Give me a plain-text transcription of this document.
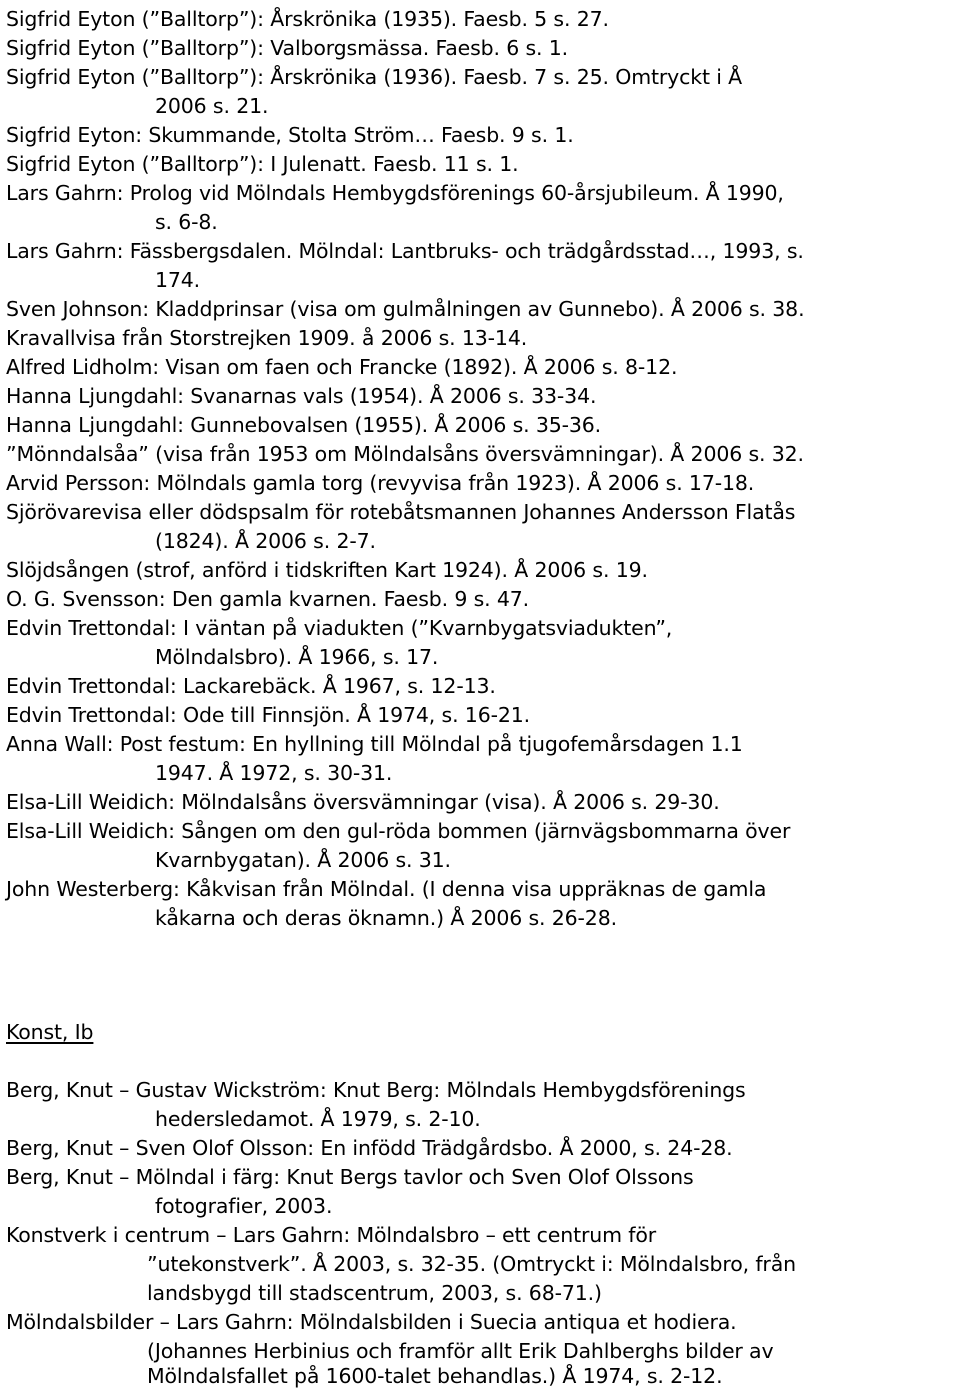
Sigfrid Eyton (”Balltorp”): Årskrönika (1935). Faesb. 5 s. 27.

Sigfrid Eyton (”Balltorp”): Valborgsmässa. Faesb. 6 s. 1.

Sigfrid Eyton (”Balltorp”): Årskrönika (1936). Faesb. 7 s. 25. Omtryckt i Å

2006 s. 21.

Sigfrid Eyton: Skummande, Stolta Ström… Faesb. 9 s. 1.

Sigfrid Eyton (”Balltorp”): I Julenatt. Faesb. 11 s. 1.

Lars Gahrn: Prolog vid Mölndals Hembygdsförenings 60-årsjubileum. Å 1990,

s. 6-8.

Lars Gahrn: Fässbergsdalen. Mölndal: Lantbruks- och trädgårdsstad…, 1993, s.

174.

Sven Johnson: Kladdprinsar (visa om gulmålningen av Gunnebo). Å 2006 s. 38.

Kravallvisa från Storstrejken 1909. å 2006 s. 13-14.

Alfred Lidholm: Visan om faen och Francke (1892). Å 2006 s. 8-12.

Hanna Ljungdahl: Svanarnas vals (1954). Å 2006 s. 33-34.

Hanna Ljungdahl: Gunnebovalsen (1955). Å 2006 s. 35-36.

”Mönndalsåa” (visa från 1953 om Mölndalsåns översvämningar). Å 2006 s. 32.

Arvid Persson: Mölndals gamla torg (revyvisa från 1923). Å 2006 s. 17-18.

Sjörövarevisa eller dödspsalm för rotebåtsmannen Johannes Andersson Flatås

(1824). Å 2006 s. 2-7.

Slöjdsången (strof, anförd i tidskriften Kart 1924). Å 2006 s. 19.

O. G. Svensson: Den gamla kvarnen. Faesb. 9 s. 47.

Edvin Trettondal: I väntan på viadukten (”Kvarnbygatsviadukten”,

Mölndalsbro). Å 1966, s. 17.

Edvin Trettondal: Lackarebäck. Å 1967, s. 12-13.

Edvin Trettondal: Ode till Finnsjön. Å 1974, s. 16-21.

Anna Wall: Post festum: En hyllning till Mölndal på tjugofemårsdagen 1.1

1947. Å 1972, s. 30-31.

Elsa-Lill Weidich: Mölndalsåns översvämningar (visa). Å 2006 s. 29-30.

Elsa-Lill Weidich: Sången om den gul-röda bommen (järnvägsbommarna över

Kvarnbygatan). Å 2006 s. 31.

John Westerberg: Kåkvisan från Mölndal. (I denna visa uppräknas de gamla

kåkarna och deras öknamn.) Å 2006 s. 26-28.

Konst, Ib

Berg, Knut – Gustav Wickström: Knut Berg: Mölndals Hembygdsförenings

hedersledamot. Å 1979, s. 2-10.

Berg, Knut – Sven Olof Olsson: En infödd Trädgårdsbo. Å 2000, s. 24-28.

Berg, Knut – Mölndal i färg: Knut Bergs tavlor och Sven Olof Olssons

fotografier, 2003.

Konstverk i centrum – Lars Gahrn: Mölndalsbro – ett centrum för

”utekonstverk”. Å 2003, s. 32-35. (Omtryckt i: Mölndalsbro, från

landsbygd till stadscentrum, 2003, s. 68-71.)

Mölndalsbilder – Lars Gahrn: Mölndalsbilden i Suecia antiqua et hodiera.

(Johannes Herbinius och framför allt Erik Dahlberghs bilder av

Mölndalsfallet på 1600-talet behandlas.) Å 1974, s. 2-12.
